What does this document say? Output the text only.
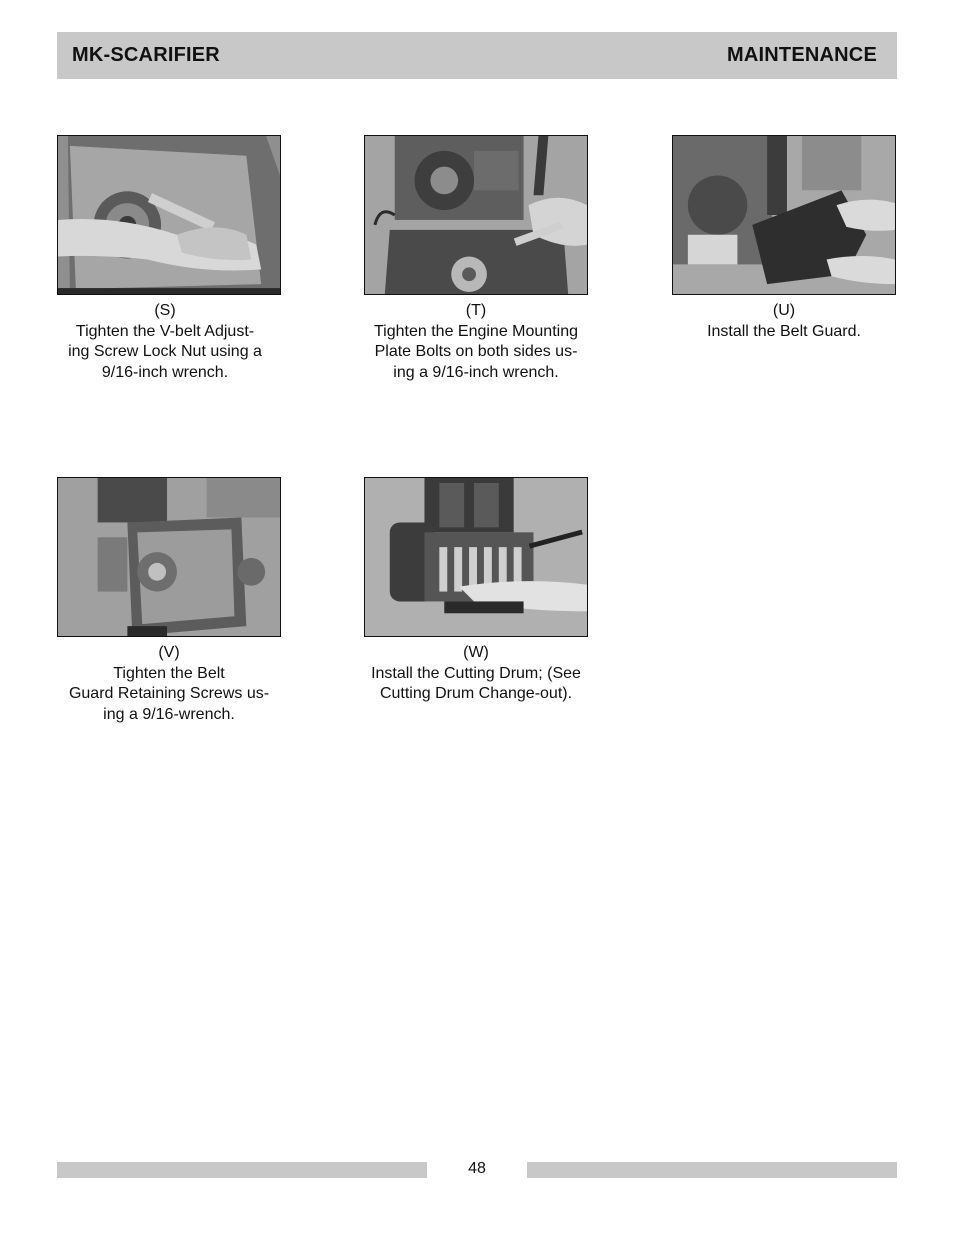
MK-SCARIFIER	MAINTENANCE
(S)
Tighten the V-belt Adjust-
ing Screw Lock Nut using a
9/16-inch wrench.
(T)
Tighten the Engine Mounting
Plate Bolts on both sides us-
ing a 9/16-inch wrench.
(U)
Install the Belt Guard.
(V)
Tighten the Belt
Guard Retaining Screws us-
ing a 9/16-wrench.
(W)
Install the Cutting Drum; (See
Cutting Drum Change-out).
48
